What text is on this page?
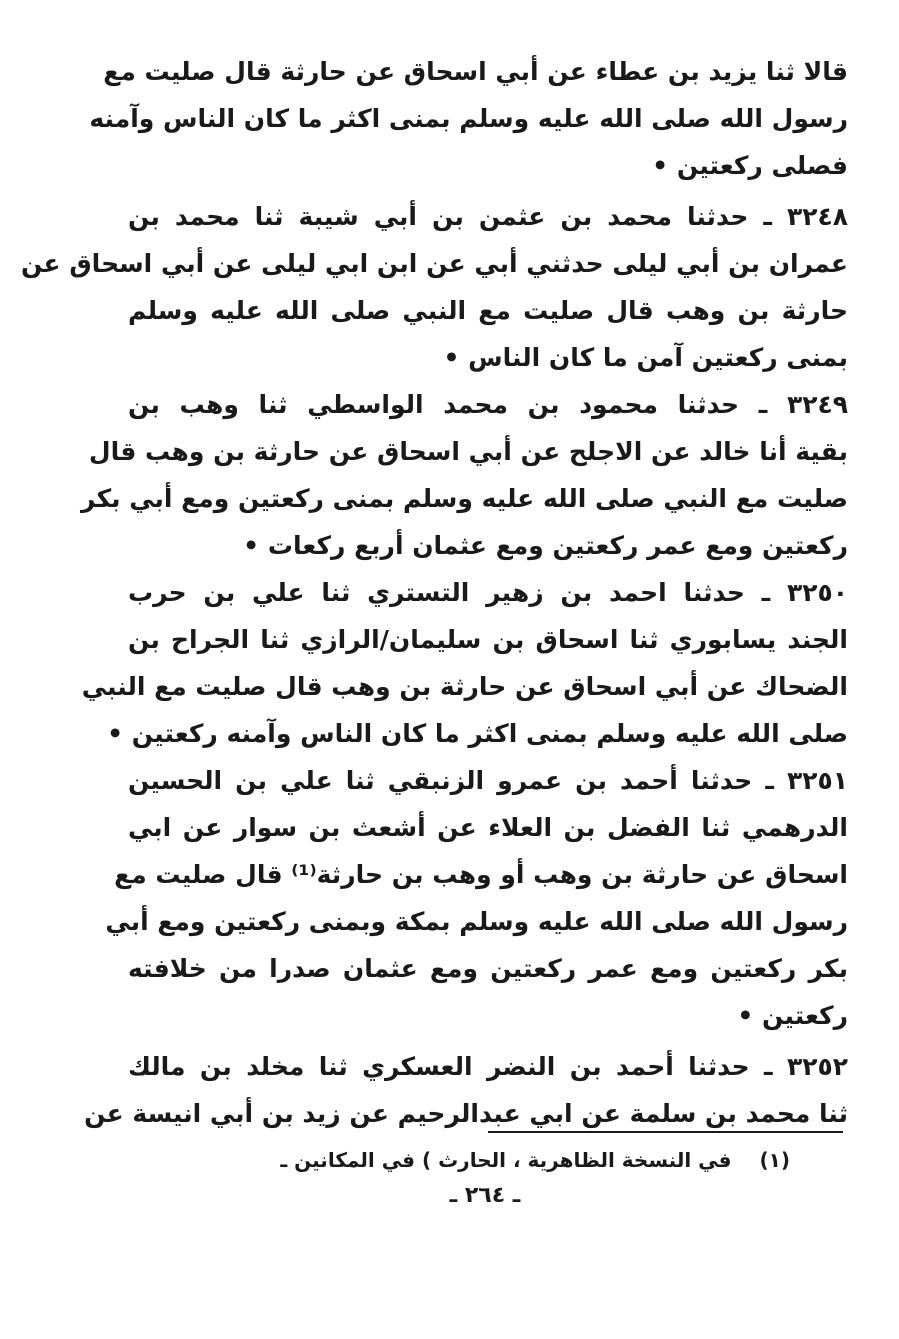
قالا ثنا يزيد بن عطاء عن أبي اسحاق عن حارثة قال صليت مع
رسول الله صلى الله عليه وسلم بمنى اكثر ما كان الناس وآمنه
فصلى ركعتين •
٣٢٤٨ ـ حدثنا محمد بن عثمن بن أبي شيبة ثنا محمد بن
عمران بن أبي ليلى حدثني أبي عن ابن ابي ليلى عن أبي اسحاق عن
حارثة بن وهب قال صليت مع النبي صلى الله عليه وسلم
بمنى ركعتين آمن ما كان الناس •
٣٢٤٩ ـ حدثنا محمود بن محمد الواسطي ثنا وهب بن
بقية أنا خالد عن الاجلح عن أبي اسحاق عن حارثة بن وهب قال
صليت مع النبي صلى الله عليه وسلم بمنى ركعتين ومع أبي بكر
ركعتين ومع عمر ركعتين ومع عثمان أربع ركعات •
٣٢٥٠ ـ حدثنا احمد بن زهير التستري ثنا علي بن حرب
الجند يسابوري ثنا اسحاق بن سليمان/الرازي ثنا الجراح بن
الضحاك عن أبي اسحاق عن حارثة بن وهب قال صليت مع النبي
صلى الله عليه وسلم بمنى اكثر ما كان الناس وآمنه ركعتين •
٣٢٥١ ـ حدثنا أحمد بن عمرو الزنبقي ثنا علي بن الحسين
الدرهمي ثنا الفضل بن العلاء عن أشعث بن سوار عن ابي
اسحاق عن حارثة بن وهب أو وهب بن حارثة⁽¹⁾ قال صليت مع
رسول الله صلى الله عليه وسلم بمكة وبمنى ركعتين ومع أبي
بكر ركعتين ومع عمر ركعتين ومع عثمان صدرا من خلافته
ركعتين •
٣٢٥٢ ـ حدثنا أحمد بن النضر العسكري ثنا مخلد بن مالك
ثنا محمد بن سلمة عن ابي عبدالرحيم عن زيد بن أبي انيسة عن
(١)في النسخة الظاهرية ، الحارث ) في المكانين ـ
ـ ٢٦٤ ـ
